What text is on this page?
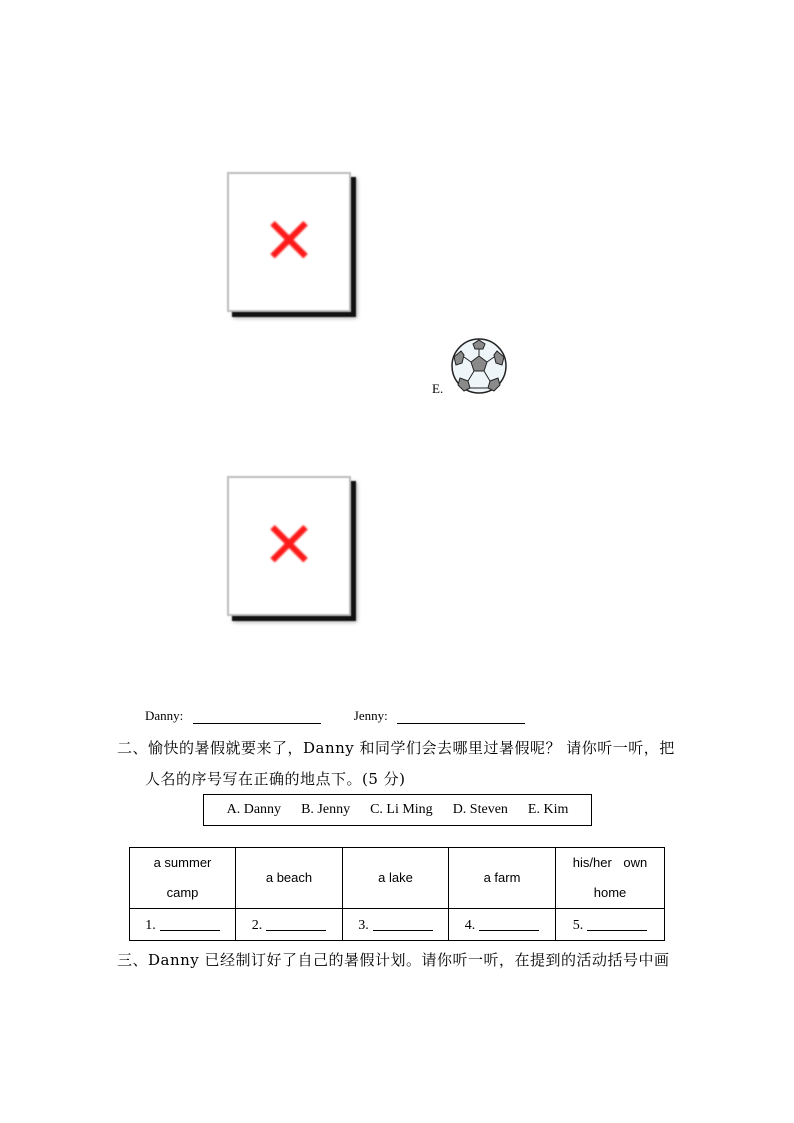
✕
E.
✕
Danny:	Jenny:
二、愉快的暑假就要来了，Danny 和同学们会去哪里过暑假呢？ 请你听一听，把
人名的序号写在正确的地点下。(5 分)
A. Danny B. Jenny C. Li Ming D. Steven E. Kim
a summer camp	a beach	a lake	a farm	his/her own home
1.	2.	3.	4.	5.
三、Danny 已经制订好了自己的暑假计划。请你听一听，在提到的活动括号中画
